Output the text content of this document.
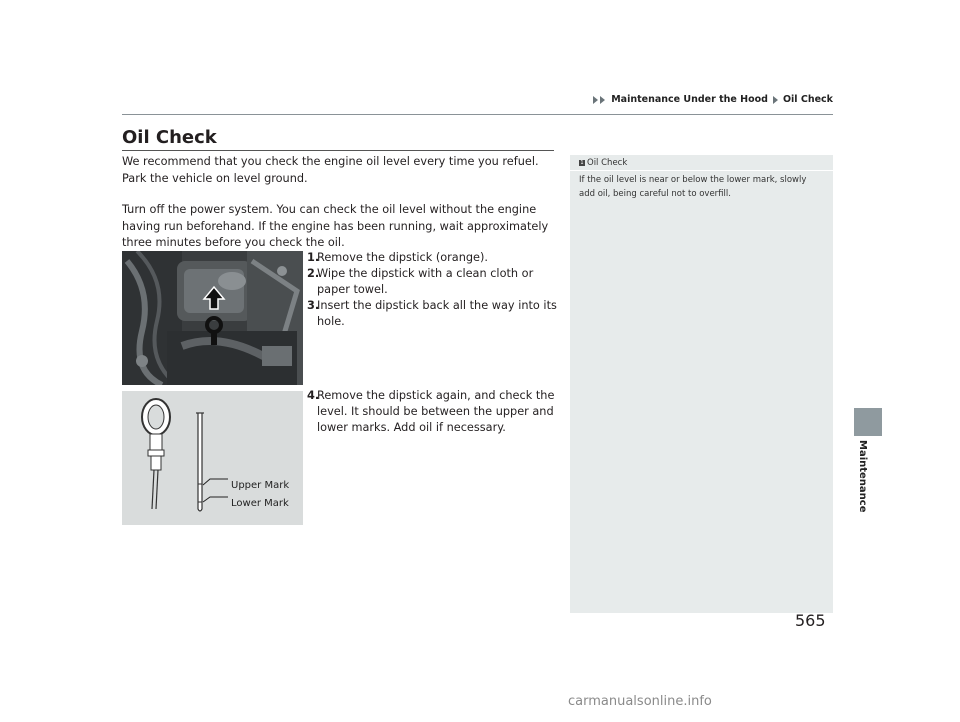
Maintenance Under the Hood Oil Check
Oil Check
We recommend that you check the engine oil level every time you refuel.
Park the vehicle on level ground.
Turn off the power system. You can check the oil level without the engine having run beforehand. If the engine has been running, wait approximately three minutes before you check the oil.
1.
Remove the dipstick (orange).
2.
Wipe the dipstick with a clean cloth or paper towel.
3.
Insert the dipstick back all the way into its hole.
4.
Remove the dipstick again, and check the level. It should be between the upper and lower marks. Add oil if necessary.
Upper Mark
Lower Mark
1 Oil Check
If the oil level is near or below the lower mark, slowly add oil, being careful not to overfill.
Maintenance
565
carmanualsonline.info
